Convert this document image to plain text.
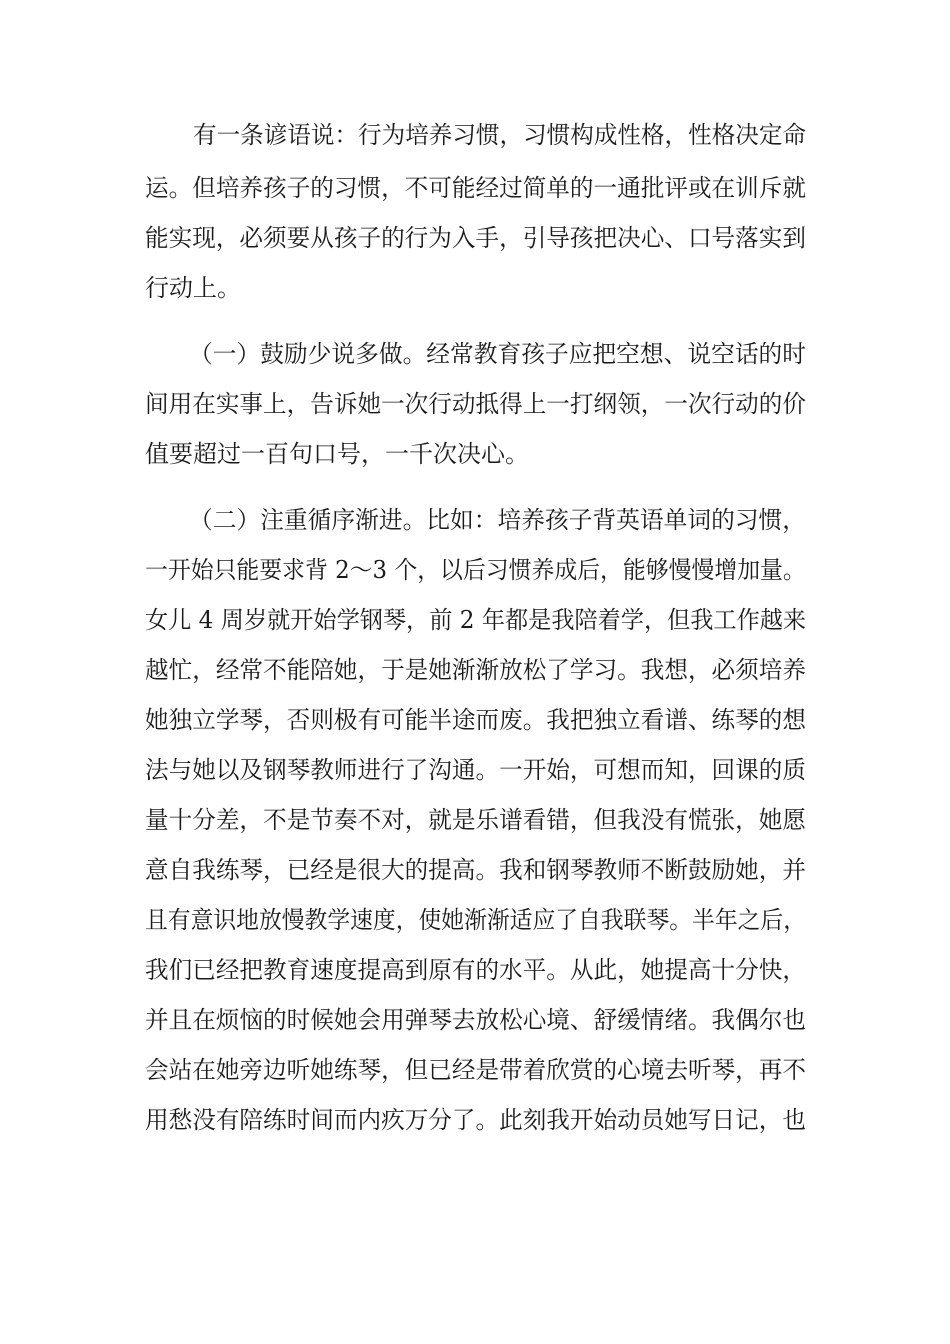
有一条谚语说：行为培养习惯，习惯构成性格，性格决定命
运。但培养孩子的习惯，不可能经过简单的一通批评或在训斥就
能实现，必须要从孩子的行为入手，引导孩把决心、口号落实到
行动上。
（一）鼓励少说多做。经常教育孩子应把空想、说空话的时
间用在实事上，告诉她一次行动抵得上一打纲领，一次行动的价
值要超过一百句口号，一千次决心。
（二）注重循序渐进。比如：培养孩子背英语单词的习惯，
一开始只能要求背 2～3 个，以后习惯养成后，能够慢慢增加量。
女儿 4 周岁就开始学钢琴，前 2 年都是我陪着学，但我工作越来
越忙，经常不能陪她，于是她渐渐放松了学习。我想，必须培养
她独立学琴，否则极有可能半途而废。我把独立看谱、练琴的想
法与她以及钢琴教师进行了沟通。一开始，可想而知，回课的质
量十分差，不是节奏不对，就是乐谱看错，但我没有慌张，她愿
意自我练琴，已经是很大的提高。我和钢琴教师不断鼓励她，并
且有意识地放慢教学速度，使她渐渐适应了自我联琴。半年之后，
我们已经把教育速度提高到原有的水平。从此，她提高十分快，
并且在烦恼的时候她会用弹琴去放松心境、舒缓情绪。我偶尔也
会站在她旁边听她练琴，但已经是带着欣赏的心境去听琴，再不
用愁没有陪练时间而内疚万分了。此刻我开始动员她写日记，也
